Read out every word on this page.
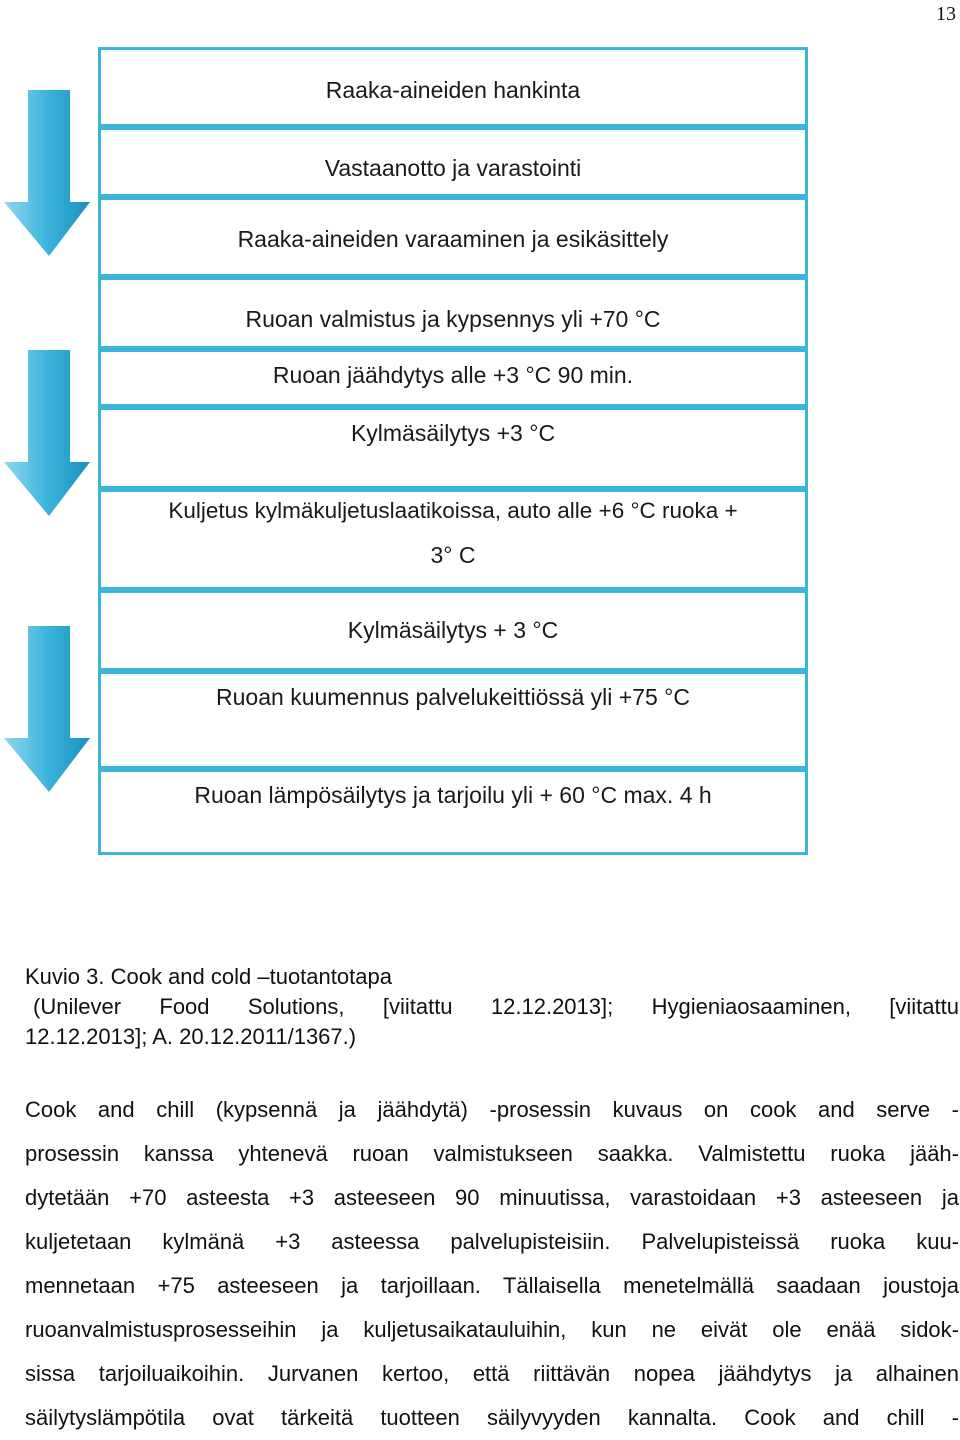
13
Raaka-aineiden hankinta
Vastaanotto ja varastointi
Raaka-aineiden varaaminen ja esikäsittely
Ruoan valmistus ja kypsennys yli +70 °C
Ruoan jäähdytys alle +3 °C 90 min.
Kylmäsäilytys +3 °C
Kuljetus kylmäkuljetuslaatikoissa, auto alle +6 °C ruoka +
3° C
Kylmäsäilytys + 3 °C
Ruoan kuumennus palvelukeittiössä yli +75 °C
Ruoan lämpösäilytys ja tarjoilu yli + 60 °C max. 4 h
Kuvio 3. Cook and cold –tuotantotapa
(Unilever Food Solutions, [viitattu 12.12.2013]; Hygieniaosaaminen, [viitattu
12.12.2013]; A. 20.12.2011/1367.)
Cook and chill (kypsennä ja jäähdytä) -prosessin kuvaus on cook and serve -
prosessin kanssa yhtenevä ruoan valmistukseen saakka. Valmistettu ruoka jääh-
dytetään +70 asteesta +3 asteeseen 90 minuutissa, varastoidaan +3 asteeseen ja
kuljetetaan kylmänä +3 asteessa palvelupisteisiin. Palvelupisteissä ruoka kuu-
mennetaan +75 asteeseen ja tarjoillaan. Tällaisella menetelmällä saadaan joustoja
ruoanvalmistusprosesseihin ja kuljetusaikatauluihin, kun ne eivät ole enää sidok-
sissa tarjoiluaikoihin. Jurvanen kertoo, että riittävän nopea jäähdytys ja alhainen
säilytyslämpötila ovat tärkeitä tuotteen säilyvyyden kannalta. Cook and chill -
